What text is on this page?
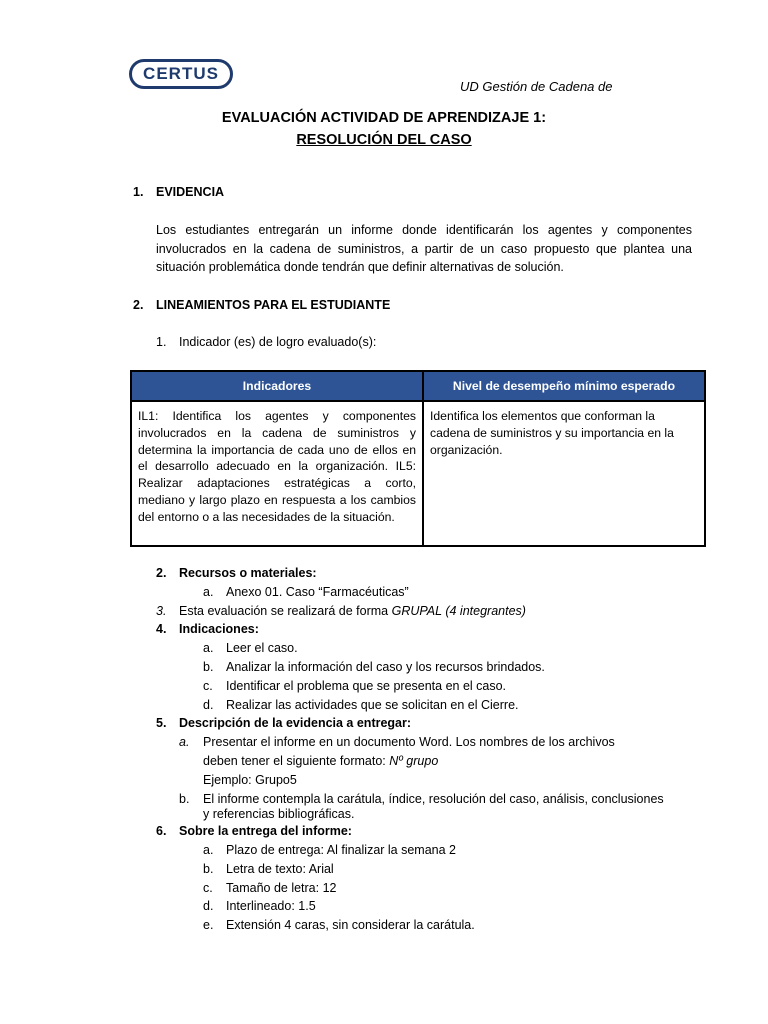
CERTUS
UD Gestión de Cadena de
EVALUACIÓN ACTIVIDAD DE APRENDIZAJE 1:
RESOLUCIÓN DEL CASO
1. EVIDENCIA
Los estudiantes entregarán un informe donde identificarán los agentes y componentes involucrados en la cadena de suministros, a partir de un caso propuesto que plantea una situación problemática donde tendrán que definir alternativas de solución.
2. LINEAMIENTOS PARA EL ESTUDIANTE
1. Indicador (es) de logro evaluado(s):
Indicadores	Nivel de desempeño mínimo esperado
IL1: Identifica los agentes y componentes involucrados en la cadena de suministros y determina la importancia de cada uno de ellos en el desarrollo adecuado en la organización. IL5: Realizar adaptaciones estratégicas a corto, mediano y largo plazo en respuesta a los cambios del entorno o a las necesidades de la situación.	Identifica los elementos que conforman la cadena de suministros y su importancia en la organización.
2. Recursos o materiales:
a. Anexo 01. Caso “Farmacéuticas”
3. Esta evaluación se realizará de forma GRUPAL (4 integrantes)
4. Indicaciones:
a. Leer el caso.
b. Analizar la información del caso y los recursos brindados.
c. Identificar el problema que se presenta en el caso.
d. Realizar las actividades que se solicitan en el Cierre.
5. Descripción de la evidencia a entregar:
a. Presentar el informe en un documento Word. Los nombres de los archivos
deben tener el siguiente formato: Nº grupo
Ejemplo: Grupo5
b. El informe contempla la carátula, índice, resolución del caso, análisis, conclusiones
y referencias bibliográficas.
6. Sobre la entrega del informe:
a. Plazo de entrega: Al finalizar la semana 2
b. Letra de texto: Arial
c. Tamaño de letra: 12
d. Interlineado: 1.5
e. Extensión 4 caras, sin considerar la carátula.
